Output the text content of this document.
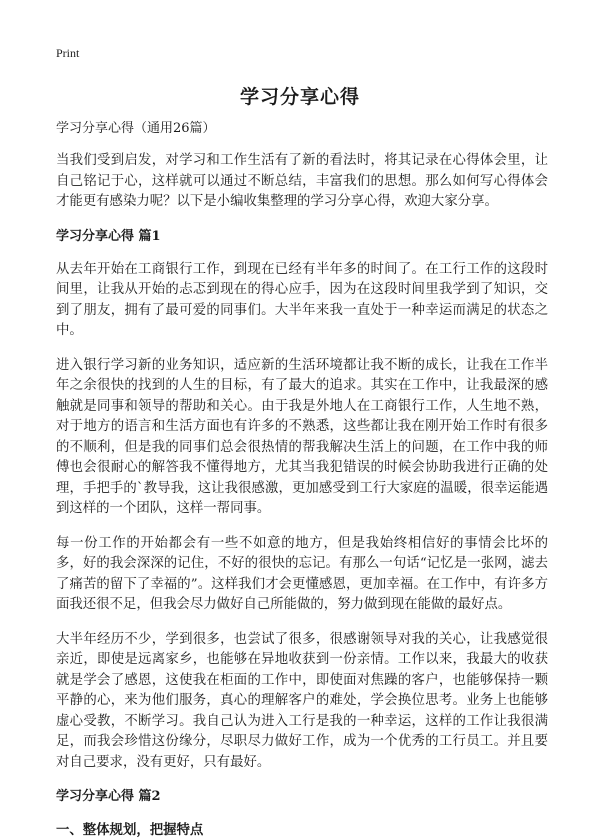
Print
学习分享心得

学习分享心得（通用26篇）

当我们受到启发，对学习和工作生活有了新的看法时，将其记录在心得体会里，让自己铭记于心，这样就可以通过不断总结，丰富我们的思想。那么如何写心得体会才能更有感染力呢？以下是小编收集整理的学习分享心得，欢迎大家分享。

学习分享心得 篇1

从去年开始在工商银行工作，到现在已经有半年多的时间了。在工行工作的这段时间里，让我从开始的忐忑到现在的得心应手，因为在这段时间里我学到了知识，交到了朋友，拥有了最可爱的同事们。大半年来我一直处于一种幸运而满足的状态之中。

进入银行学习新的业务知识，适应新的生活环境都让我不断的成长，让我在工作半年之余很快的找到的人生的目标，有了最大的追求。其实在工作中，让我最深的感触就是同事和领导的帮助和关心。由于我是外地人在工商银行工作，人生地不熟，对于地方的语言和生活方面也有许多的不熟悉，这些都让我在刚开始工作时有很多的不顺利，但是我的同事们总会很热情的帮我解决生活上的问题，在工作中我的师傅也会很耐心的解答我不懂得地方，尤其当我犯错误的时候会协助我进行正确的处理，手把手的`教导我，这让我很感激，更加感受到工行大家庭的温暖，很幸运能遇到这样的一个团队，这样一帮同事。

每一份工作的开始都会有一些不如意的地方，但是我始终相信好的事情会比坏的多，好的我会深深的记住，不好的很快的忘记。有那么一句话“记忆是一张网，滤去了痛苦的留下了幸福的”。这样我们才会更懂感恩，更加幸福。在工作中，有许多方面我还很不足，但我会尽力做好自己所能做的，努力做到现在能做的最好点。

大半年经历不少，学到很多，也尝试了很多，很感谢领导对我的关心，让我感觉很亲近，即使是远离家乡，也能够在异地收获到一份亲情。工作以来，我最大的收获就是学会了感恩，这使我在柜面的工作中，即使面对焦躁的客户，也能够保持一颗平静的心，来为他们服务，真心的理解客户的难处，学会换位思考。业务上也能够虚心受教，不断学习。我自己认为进入工行是我的一种幸运，这样的工作让我很满足，而我会珍惜这份缘分，尽职尽力做好工作，成为一个优秀的工行员工。并且要对自己要求，没有更好，只有最好。

学习分享心得 篇2

一、整体规划，把握特点
